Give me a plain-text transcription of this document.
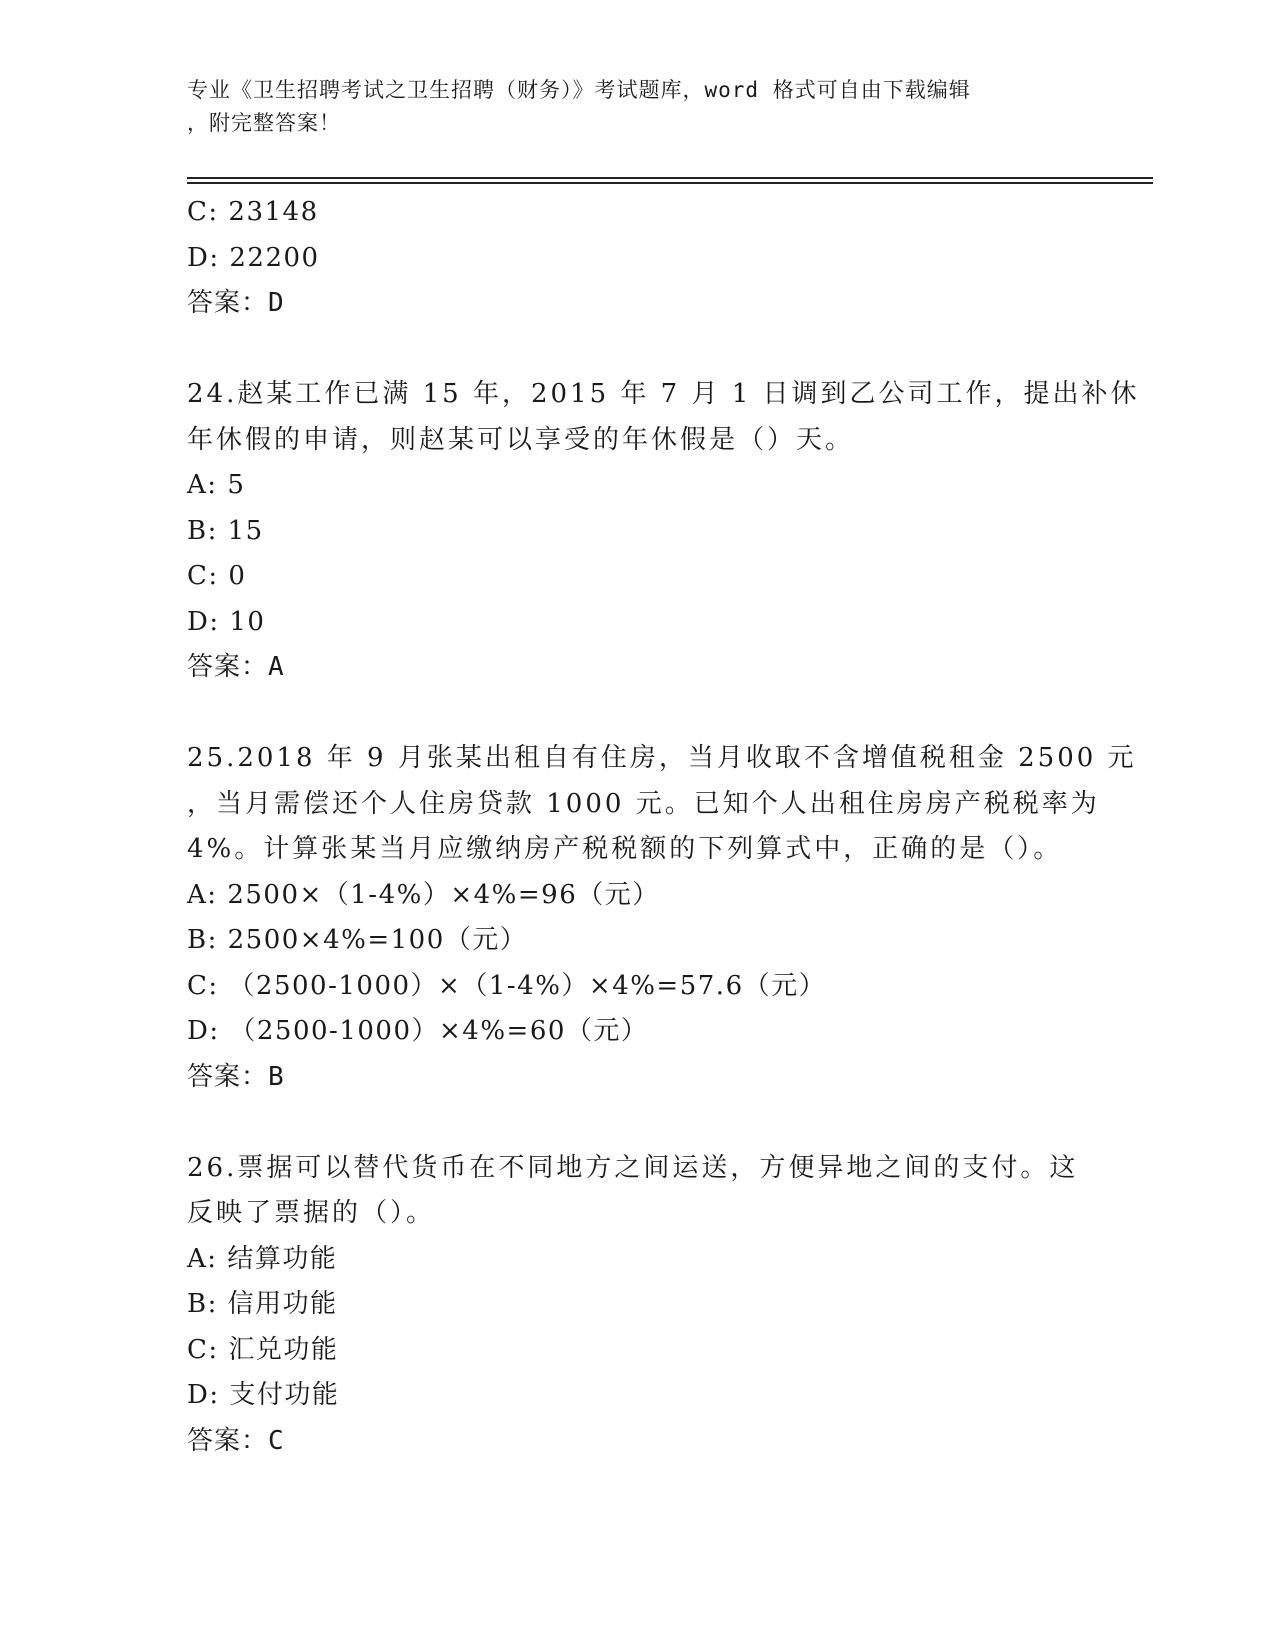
专业《卫生招聘考试之卫生招聘（财务）》考试题库，word 格式可自由下载编辑
，附完整答案！
C: 23148
D: 22200
答案：D
24.赵某工作已满 15 年，2015 年 7 月 1 日调到乙公司工作，提出补休
年休假的申请，则赵某可以享受的年休假是（）天。
A: 5
B: 15
C: 0
D: 10
答案：A
25.2018 年 9 月张某出租自有住房，当月收取不含增值税租金 2500 元
，当月需偿还个人住房贷款 1000 元。已知个人出租住房房产税税率为
4%。计算张某当月应缴纳房产税税额的下列算式中，正确的是（）。
A: 2500×（1-4%）×4%=96（元）
B: 2500×4%=100（元）
C: （2500-1000）×（1-4%）×4%=57.6（元）
D: （2500-1000）×4%=60（元）
答案：B
26.票据可以替代货币在不同地方之间运送，方便异地之间的支付。这
反映了票据的（）。
A: 结算功能
B: 信用功能
C: 汇兑功能
D: 支付功能
答案：C
